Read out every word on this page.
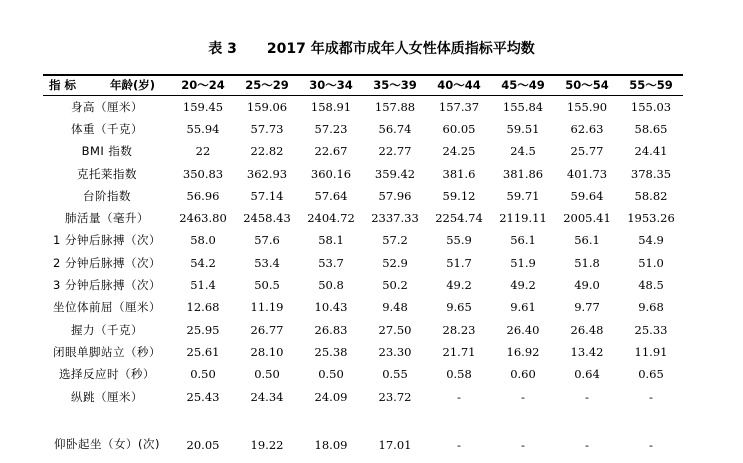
表 3 2017 年成都市成年人女性体质指标平均数
指 标 年龄(岁)	20～24	25～29	30～34	35～39	40～44	45～49	50～54	55～59
身高（厘米）	159.45	159.06	158.91	157.88	157.37	155.84	155.90	155.03
体重（千克）	55.94	57.73	57.23	56.74	60.05	59.51	62.63	58.65
BMI 指数	22	22.82	22.67	22.77	24.25	24.5	25.77	24.41
克托莱指数	350.83	362.93	360.16	359.42	381.6	381.86	401.73	378.35
台阶指数	56.96	57.14	57.64	57.96	59.12	59.71	59.64	58.82
肺活量（毫升）	2463.80	2458.43	2404.72	2337.33	2254.74	2119.11	2005.41	1953.26
1 分钟后脉搏（次）	58.0	57.6	58.1	57.2	55.9	56.1	56.1	54.9
2 分钟后脉搏（次）	54.2	53.4	53.7	52.9	51.7	51.9	51.8	51.0
3 分钟后脉搏（次）	51.4	50.5	50.8	50.2	49.2	49.2	49.0	48.5
坐位体前屈（厘米）	12.68	11.19	10.43	9.48	9.65	9.61	9.77	9.68
握力（千克）	25.95	26.77	26.83	27.50	28.23	26.40	26.48	25.33
闭眼单脚站立（秒）	25.61	28.10	25.38	23.30	21.71	16.92	13.42	11.91
选择反应时（秒）	0.50	0.50	0.50	0.55	0.58	0.60	0.64	0.65
纵跳（厘米）	25.43	24.34	24.09	23.72	-	-	-	-
仰卧起坐（女）(次)	20.05	19.22	18.09	17.01	-	-	-	-
